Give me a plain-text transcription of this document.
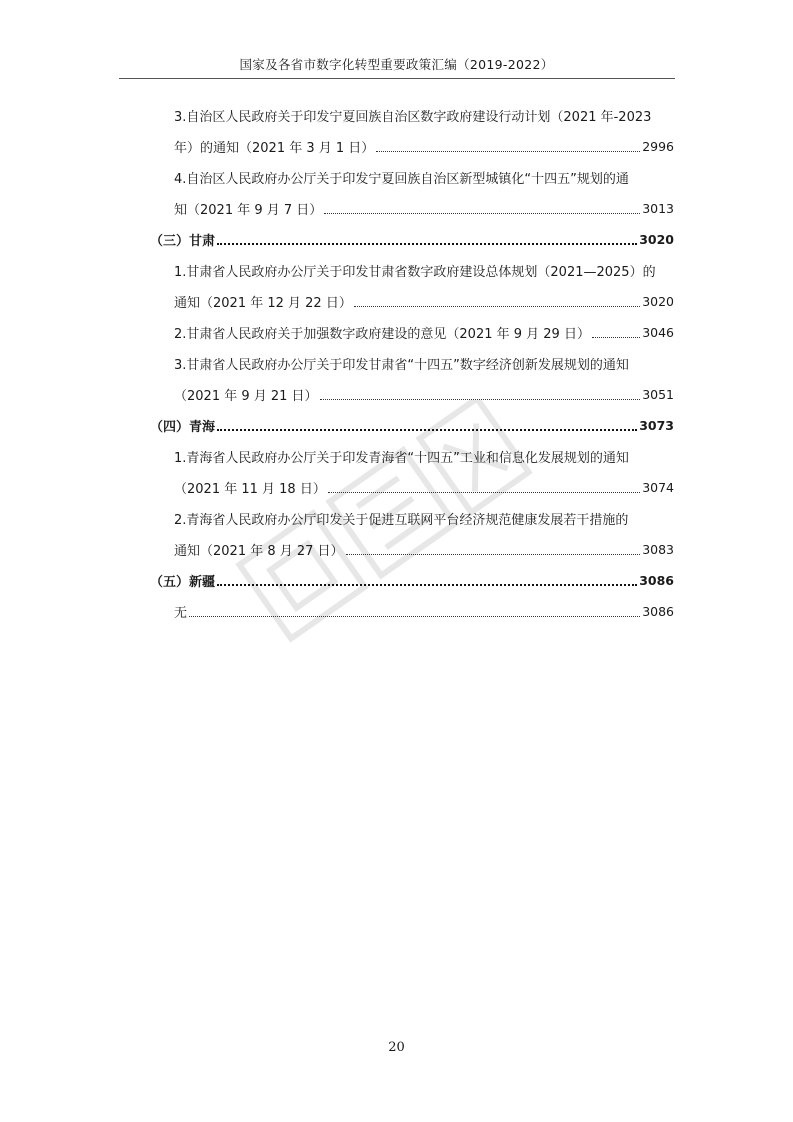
国家及各省市数字化转型重要政策汇编（2019-2022）
3.自治区人民政府关于印发宁夏回族自治区数字政府建设行动计划（2021 年-2023
年）的通知（2021 年 3 月 1 日）	2996
4.自治区人民政府办公厅关于印发宁夏回族自治区新型城镇化“十四五”规划的通
知（2021 年 9 月 7 日）	3013
（三）甘肃	3020
1.甘肃省人民政府办公厅关于印发甘肃省数字政府建设总体规划（2021—2025）的
通知（2021 年 12 月 22 日）	3020
2.甘肃省人民政府关于加强数字政府建设的意见（2021 年 9 月 29 日）	3046
3.甘肃省人民政府办公厅关于印发甘肃省“十四五”数字经济创新发展规划的通知
（2021 年 9 月 21 日）	3051
（四）青海	3073
1.青海省人民政府办公厅关于印发青海省“十四五”工业和信息化发展规划的通知
（2021 年 11 月 18 日）	3074
2.青海省人民政府办公厅印发关于促进互联网平台经济规范健康发展若干措施的
通知（2021 年 8 月 27 日）	3083
（五）新疆	3086
无	3086
20
